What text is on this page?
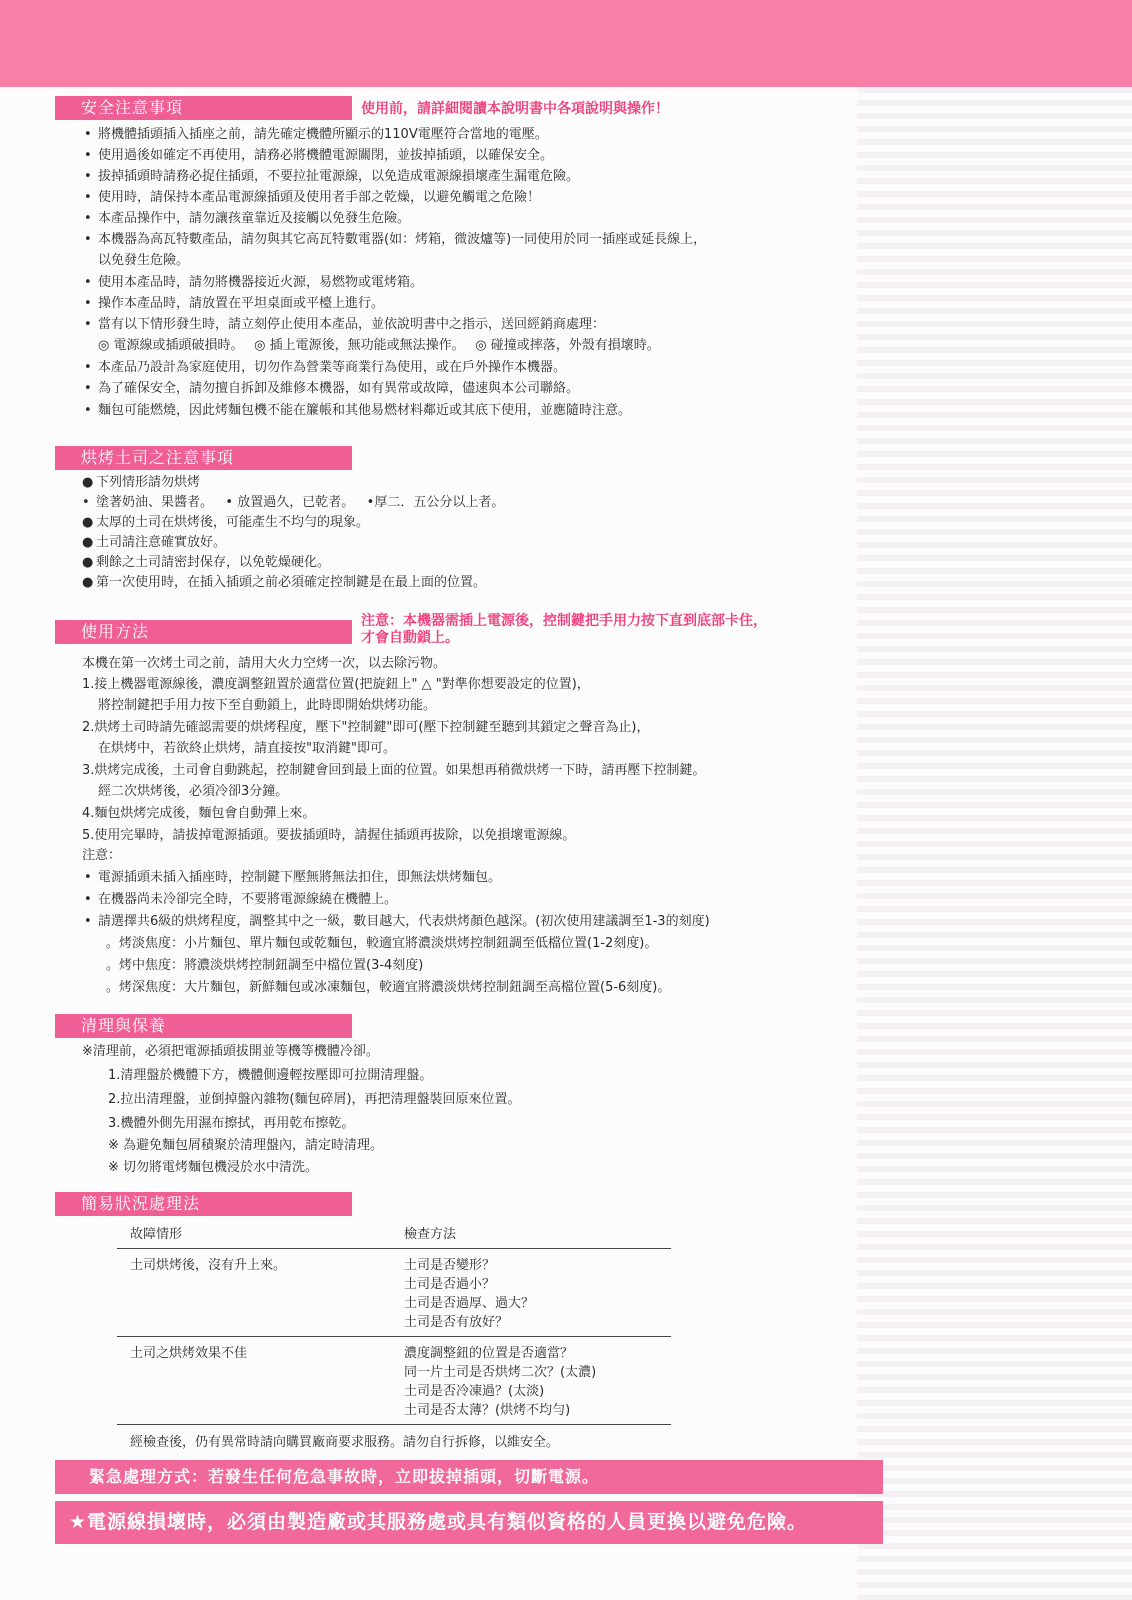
安全注意事項	使用前，請詳細閱讀本說明書中各項說明與操作！
• 將機體插頭插入插座之前，請先確定機體所顯示的110V電壓符合當地的電壓。
• 使用過後如確定不再使用，請務必將機體電源關閉，並拔掉插頭，以確保安全。
• 拔掉插頭時請務必捉住插頭，不要拉扯電源線，以免造成電源線損壞產生漏電危險。
• 使用時，請保持本產品電源線插頭及使用者手部之乾燥，以避免觸電之危險！
• 本產品操作中，請勿讓孩童靠近及接觸以免發生危險。
• 本機器為高瓦特數產品，請勿與其它高瓦特數電器(如：烤箱，微波爐等)一同使用於同一插座或延長線上，
以免發生危險。
• 使用本產品時，請勿將機器接近火源，易燃物或電烤箱。
• 操作本產品時，請放置在平坦桌面或平檯上進行。
• 當有以下情形發生時，請立刻停止使用本產品，並依說明書中之指示，送回經銷商處理：
◎ 電源線或插頭破損時。　 ◎ 插上電源後，無功能或無法操作。　 ◎ 碰撞或摔落，外殼有損壞時。
• 本產品乃設計為家庭使用，切勿作為營業等商業行為使用，或在戶外操作本機器。
• 為了確保安全，請勿擅自拆卸及維修本機器，如有異常或故障，儘速與本公司聯絡。
• 麵包可能燃燒，因此烤麵包機不能在簾帳和其他易燃材料鄰近或其底下使用，並應隨時注意。
烘烤土司之注意事項
● 下列情形請勿烘烤
• 塗著奶油、果醬者。 • 放置過久，已乾者。 •厚二．五公分以上者。
● 太厚的土司在烘烤後，可能產生不均勻的現象。
● 土司請注意確實放好。
● 剩餘之土司請密封保存，以免乾燥硬化。
● 第一次使用時，在插入插頭之前必須確定控制鍵是在最上面的位置。
使用方法
注意：本機器需插上電源後，控制鍵把手用力按下直到底部卡住，
才會自動鎖上。
本機在第一次烤土司之前，請用大火力空烤一次，以去除污物。
1.接上機器電源線後，濃度調整鈕置於適當位置(把旋鈕上" △ "對準你想要設定的位置)，
將控制鍵把手用力按下至自動鎖上，此時即開始烘烤功能。
2.烘烤土司時請先確認需要的烘烤程度，壓下"控制鍵"即可(壓下控制鍵至聽到其鎖定之聲音為止)，
在烘烤中，若欲終止烘烤，請直接按"取消鍵"即可。
3.烘烤完成後，土司會自動跳起，控制鍵會回到最上面的位置。如果想再稍微烘烤一下時，請再壓下控制鍵。
經二次烘烤後，必須冷卻3分鐘。
4.麵包烘烤完成後，麵包會自動彈上來。
5.使用完畢時，請拔掉電源插頭。要拔插頭時，請握住插頭再拔除，以免損壞電源線。
注意：
• 電源插頭未插入插座時，控制鍵下壓無將無法扣住，即無法烘烤麵包。
• 在機器尚未冷卻完全時，不要將電源線繞在機體上。
• 請選擇共6級的烘烤程度，調整其中之一級，數目越大，代表烘烤顏色越深。(初次使用建議調至1-3的刻度)
。烤淡焦度：小片麵包、單片麵包或乾麵包，較適宜將濃淡烘烤控制鈕調至低檔位置(1-2刻度)。
。烤中焦度：將濃淡烘烤控制鈕調至中檔位置(3-4刻度)
。烤深焦度：大片麵包，新鮮麵包或冰凍麵包，較適宜將濃淡烘烤控制鈕調至高檔位置(5-6刻度)。
清理與保養
※清理前，必須把電源插頭拔開並等機等機體冷卻。
1.清理盤於機體下方，機體側邊輕按壓即可拉開清理盤。
2.拉出清理盤，並倒掉盤內雜物(麵包碎屑)，再把清理盤裝回原來位置。
3.機體外側先用濕布擦拭，再用乾布擦乾。
※ 為避免麵包屑積聚於清理盤內，請定時清理。
※ 切勿將電烤麵包機浸於水中清洗。
簡易狀況處理法
故障情形	檢查方法
土司烘烤後，沒有升上來。	土司是否變形？
土司是否過小？
土司是否過厚、過大？
土司是否有放好？
土司之烘烤效果不佳	濃度調整鈕的位置是否適當？
同一片土司是否烘烤二次？(太濃)
土司是否冷凍過？(太淡)
土司是否太薄？(烘烤不均勻)
經檢查後，仍有異常時請向購買廠商要求服務。請勿自行拆修，以維安全。
緊急處理方式：若發生任何危急事故時，立即拔掉插頭，切斷電源。
★電源線損壞時，必須由製造廠或其服務處或具有類似資格的人員更換以避免危險。
